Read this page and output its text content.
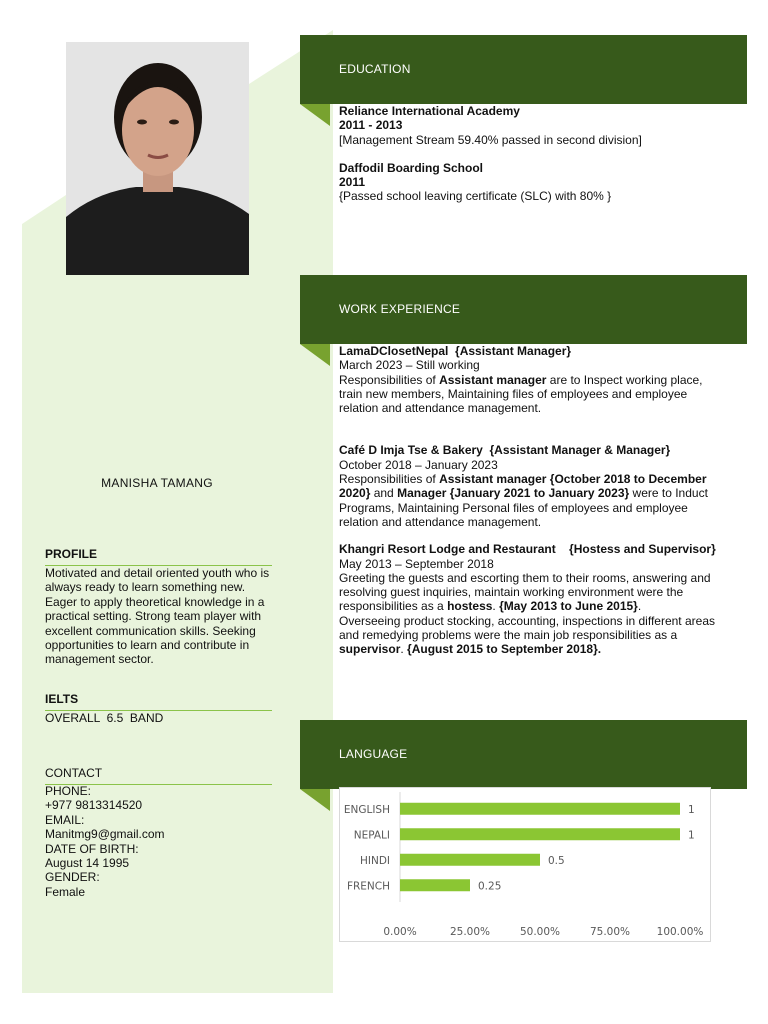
MANISHA TAMANG
PROFILE
Motivated and detail oriented youth who is always ready to learn something new. Eager to apply theoretical knowledge in a practical setting. Strong team player with excellent communication skills. Seeking opportunities to learn and contribute in management sector.
IELTS
OVERALL  6.5  BAND
CONTACT
PHONE:
+977 9813314520
EMAIL:
Manitmg9@gmail.com
DATE OF BIRTH:
August 14 1995
GENDER:
Female
EDUCATION

Reliance International Academy

2011 - 2013

[Management Stream 59.40% passed in second division]

Daffodil Boarding School

2011

{Passed school leaving certificate (SLC) with 80% }

WORK EXPERIENCE

LamaDClosetNepal  {Assistant Manager}

March 2023 – Still working

Responsibilities of Assistant manager are to Inspect working place, train new members, Maintaining files of employees and employee relation and attendance management.

Café D Imja Tse & Bakery  {Assistant Manager & Manager}

October 2018 – January 2023

Responsibilities of Assistant manager {October 2018 to December 2020} and Manager {January 2021 to January 2023} were to Induct Programs, Maintaining Personal files of employees and employee relation and attendance management.

Khangri Resort Lodge and Restaurant    {Hostess and Supervisor}

May 2013 – September 2018

Greeting the guests and escorting them to their rooms, answering and resolving guest inquiries, maintain working environment were the responsibilities as a hostess. {May 2013 to June 2015}.

Overseeing product stocking, accounting, inspections in different areas and remedying problems were the main job responsibilities as a supervisor. {August 2015 to September 2018}.

LANGUAGE
ENGLISH	1
NEPALI	1
HINDI	0.5
FRENCH	0.25
0.00%	25.00%	50.00%	75.00%	100.00%
